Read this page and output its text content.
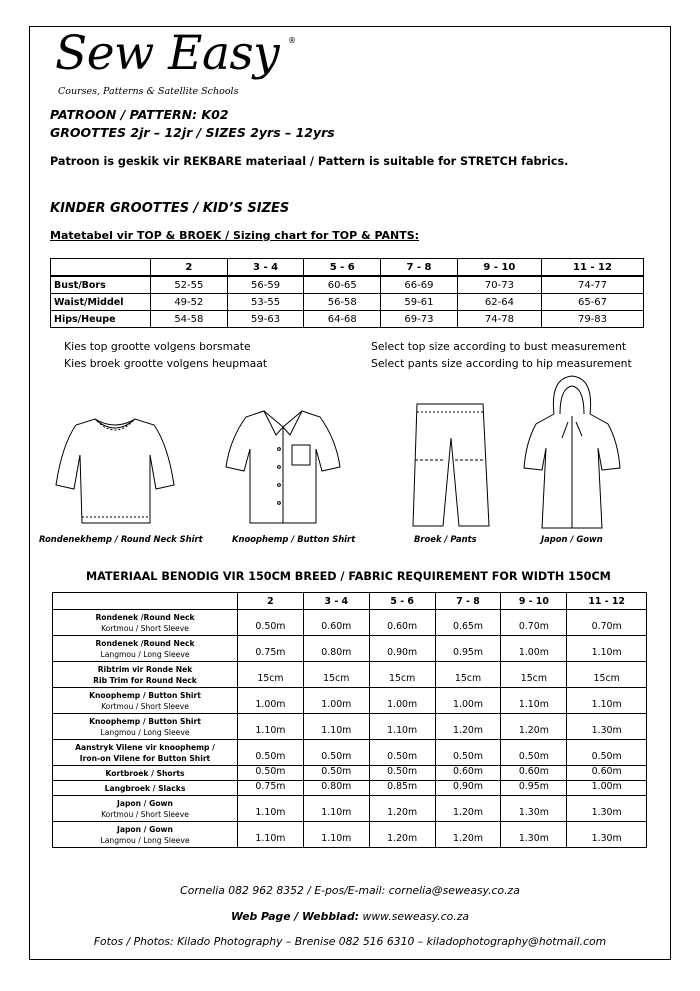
Sew Easy ®
Courses, Patterns & Satellite Schools
PATROON / PATTERN: K02
GROOTTES 2jr – 12jr / SIZES 2yrs – 12yrs
Patroon is geskik vir REKBARE materiaal / Pattern is suitable for STRETCH fabrics.
KINDER GROOTTES / KID’S SIZES
Matetabel vir TOP & BROEK / Sizing chart for TOP & PANTS:
	2	3 - 4	5 - 6	7 - 8	9 - 10	11 - 12
Bust/Bors	52-55	56-59	60-65	66-69	70-73	74-77
Waist/Middel	49-52	53-55	56-58	59-61	62-64	65-67
Hips/Heupe	54-58	59-63	64-68	69-73	74-78	79-83
Kies top grootte volgens borsmate
Kies broek grootte volgens heupmaat
Select top size according to bust measurement
Select pants size according to hip measurement
Rondenekhemp / Round Neck Shirt	Knoophemp / Button Shirt	Broek / Pants	Japon / Gown
MATERIAAL BENODIG VIR 150CM BREED / FABRIC REQUIREMENT FOR WIDTH 150CM
	2	3 - 4	5 - 6	7 - 8	9 - 10	11 - 12

Rondenek /Round Neck
Kortmou / Short Sleeve	0.50m	0.60m	0.60m	0.65m	0.70m	0.70m

Rondenek /Round Neck
Langmou / Long Sleeve	0.75m	0.80m	0.90m	0.95m	1.00m	1.10m

Ribtrim vir Ronde Nek
Rib Trim for Round Neck	15cm	15cm	15cm	15cm	15cm	15cm

Knoophemp / Button Shirt
Kortmou / Short Sleeve	1.00m	1.00m	1.00m	1.00m	1.10m	1.10m

Knoophemp / Button Shirt
Langmou / Long Sleeve	1.10m	1.10m	1.10m	1.20m	1.20m	1.30m

Aanstryk Vilene vir knoophemp /
Iron-on Vilene for Button Shirt	0.50m	0.50m	0.50m	0.50m	0.50m	0.50m

Kortbroek / Shorts	0.50m	0.50m	0.50m	0.60m	0.60m	0.60m

Langbroek / Slacks	0.75m	0.80m	0.85m	0.90m	0.95m	1.00m

Japon / Gown
Kortmou / Short Sleeve	1.10m	1.10m	1.20m	1.20m	1.30m	1.30m

Japon / Gown
Langmou / Long Sleeve	1.10m	1.10m	1.20m	1.20m	1.30m	1.30m
Cornelia 082 962 8352 / E-pos/E-mail: cornelia@seweasy.co.za
Web Page / Webblad: www.seweasy.co.za
Fotos / Photos: Kilado Photography – Brenise 082 516 6310 – kiladophotography@hotmail.com
